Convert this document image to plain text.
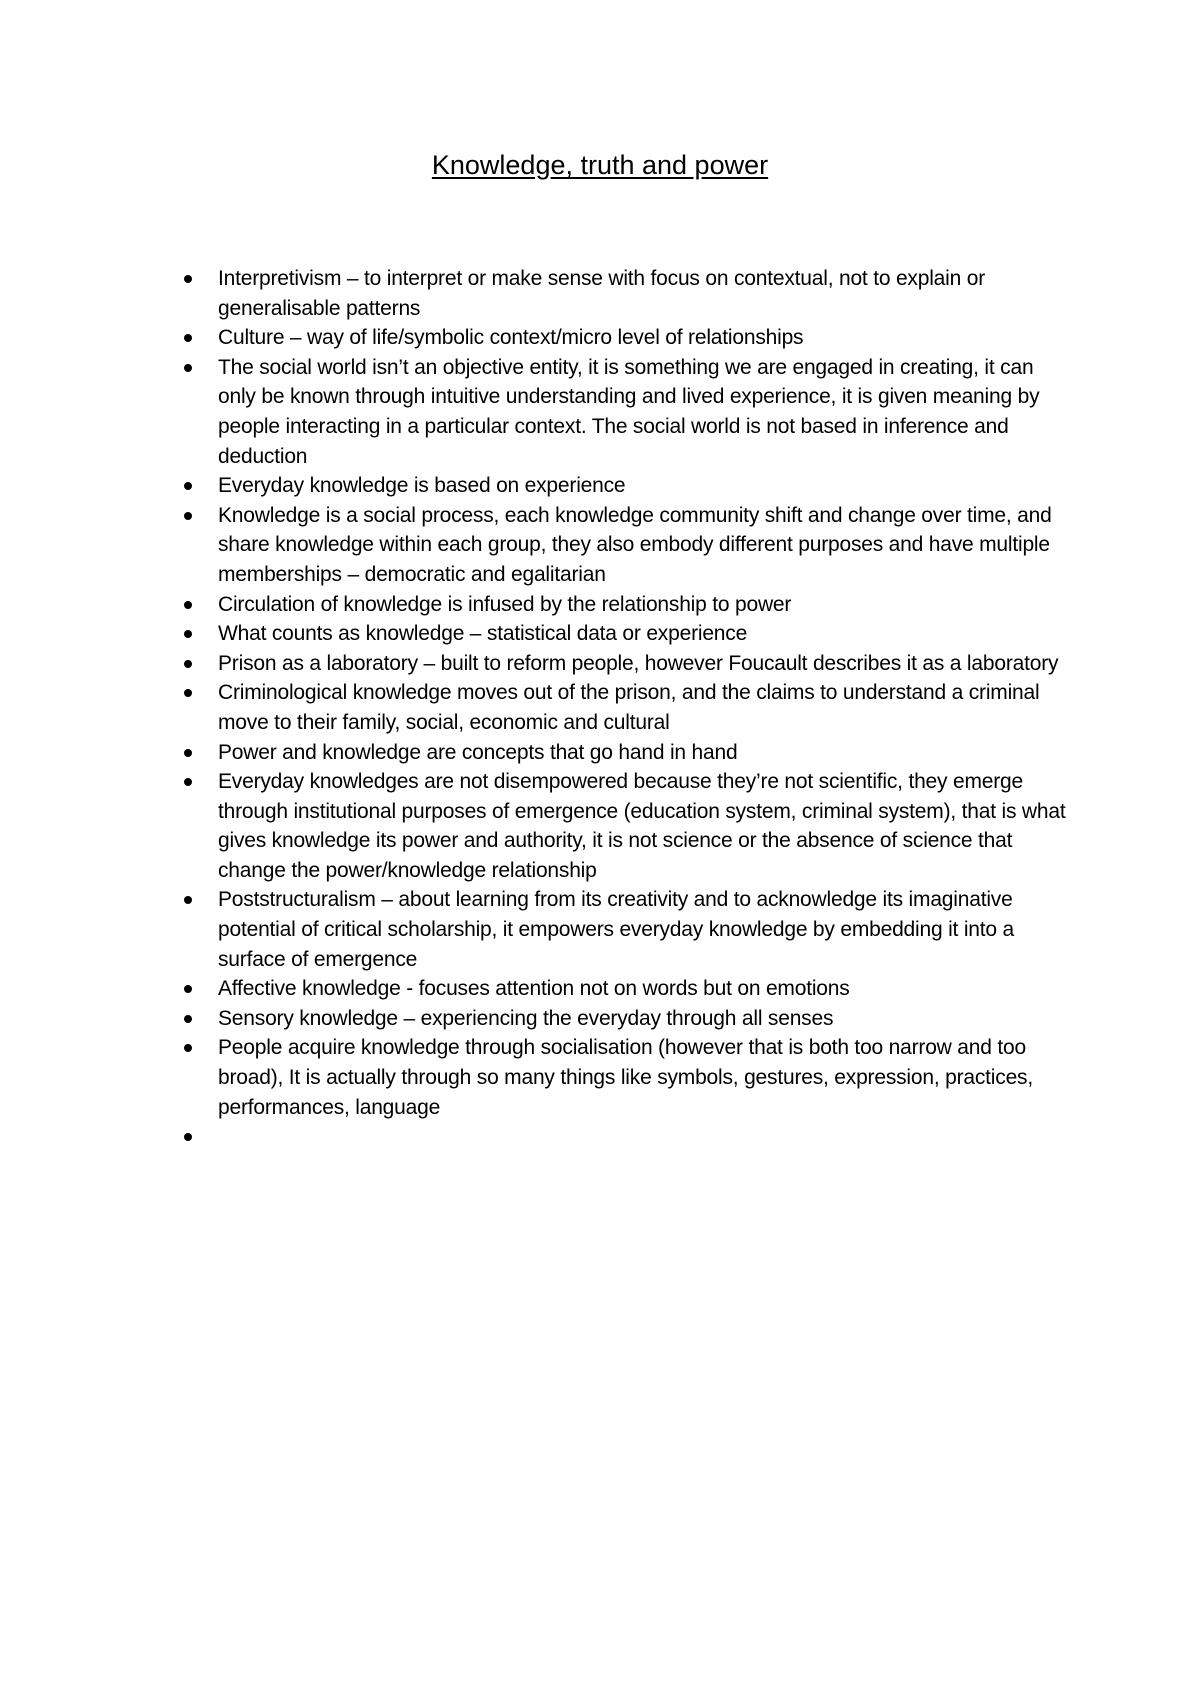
Knowledge, truth and power
Interpretivism – to interpret or make sense with focus on contextual, not to explain or generalisable patterns
Culture – way of life/symbolic context/micro level of relationships
The social world isn’t an objective entity, it is something we are engaged in creating, it can only be known through intuitive understanding and lived experience, it is given meaning by people interacting in a particular context. The social world is not based in inference and deduction
Everyday knowledge is based on experience
Knowledge is a social process, each knowledge community shift and change over time, and share knowledge within each group, they also embody different purposes and have multiple memberships – democratic and egalitarian
Circulation of knowledge is infused by the relationship to power
What counts as knowledge – statistical data or experience
Prison as a laboratory – built to reform people, however Foucault describes it as a laboratory
Criminological knowledge moves out of the prison, and the claims to understand a criminal move to their family, social, economic and cultural
Power and knowledge are concepts that go hand in hand
Everyday knowledges are not disempowered because they’re not scientific, they emerge through institutional purposes of emergence (education system, criminal system), that is what gives knowledge its power and authority, it is not science or the absence of science that change the power/knowledge relationship
Poststructuralism – about learning from its creativity and to acknowledge its imaginative potential of critical scholarship, it empowers everyday knowledge by embedding it into a surface of emergence
Affective knowledge - focuses attention not on words but on emotions
Sensory knowledge – experiencing the everyday through all senses
People acquire knowledge through socialisation (however that is both too narrow and too broad), It is actually through so many things like symbols, gestures, expression, practices, performances, language
